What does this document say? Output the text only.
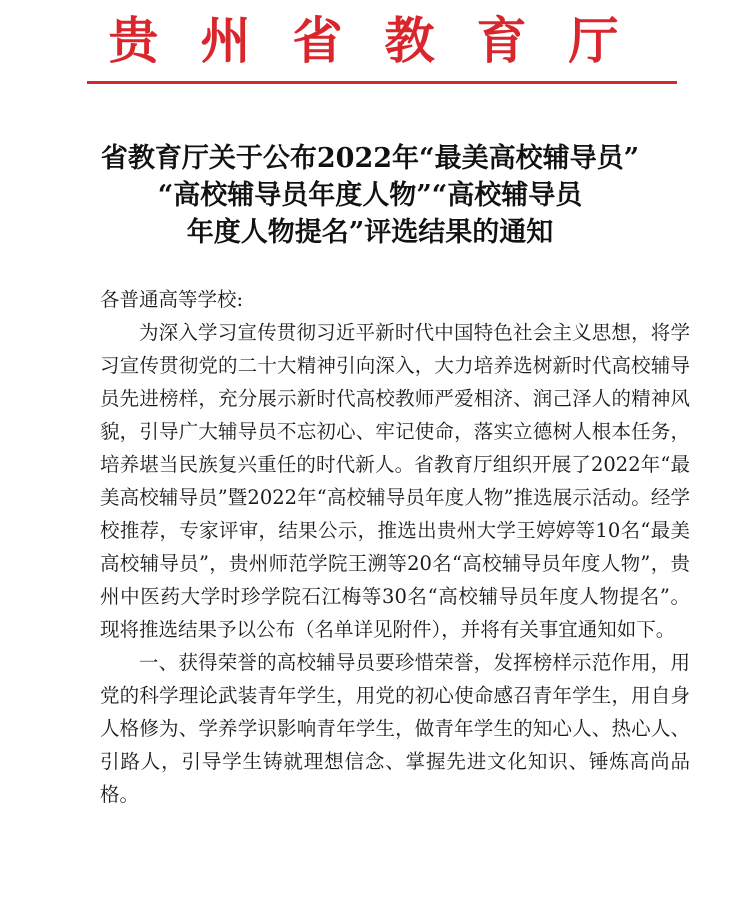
贵州省教育厅
省教育厅关于公布2022年“最美高校辅导员”
“高校辅导员年度人物”“高校辅导员
年度人物提名”评选结果的通知

各普通高等学校:

为深入学习宣传贯彻习近平新时代中国特色社会主义思想，将学习宣传贯彻党的二十大精神引向深入，大力培养选树新时代高校辅导员先进榜样，充分展示新时代高校教师严爱相济、润己泽人的精神风貌，引导广大辅导员不忘初心、牢记使命，落实立德树人根本任务，培养堪当民族复兴重任的时代新人。省教育厅组织开展了2022年“最美高校辅导员”暨2022年“高校辅导员年度人物”推选展示活动。经学校推荐，专家评审，结果公示，推选出贵州大学王婷婷等10名“最美高校辅导员”，贵州师范学院王溯等20名“高校辅导员年度人物”，贵州中医药大学时珍学院石江梅等30名“高校辅导员年度人物提名”。现将推选结果予以公布（名单详见附件），并将有关事宜通知如下。

一、获得荣誉的高校辅导员要珍惜荣誉，发挥榜样示范作用，用党的科学理论武装青年学生，用党的初心使命感召青年学生，用自身人格修为、学养学识影响青年学生，做青年学生的知心人、热心人、引路人，引导学生铸就理想信念、掌握先进文化知识、锤炼高尚品格。
